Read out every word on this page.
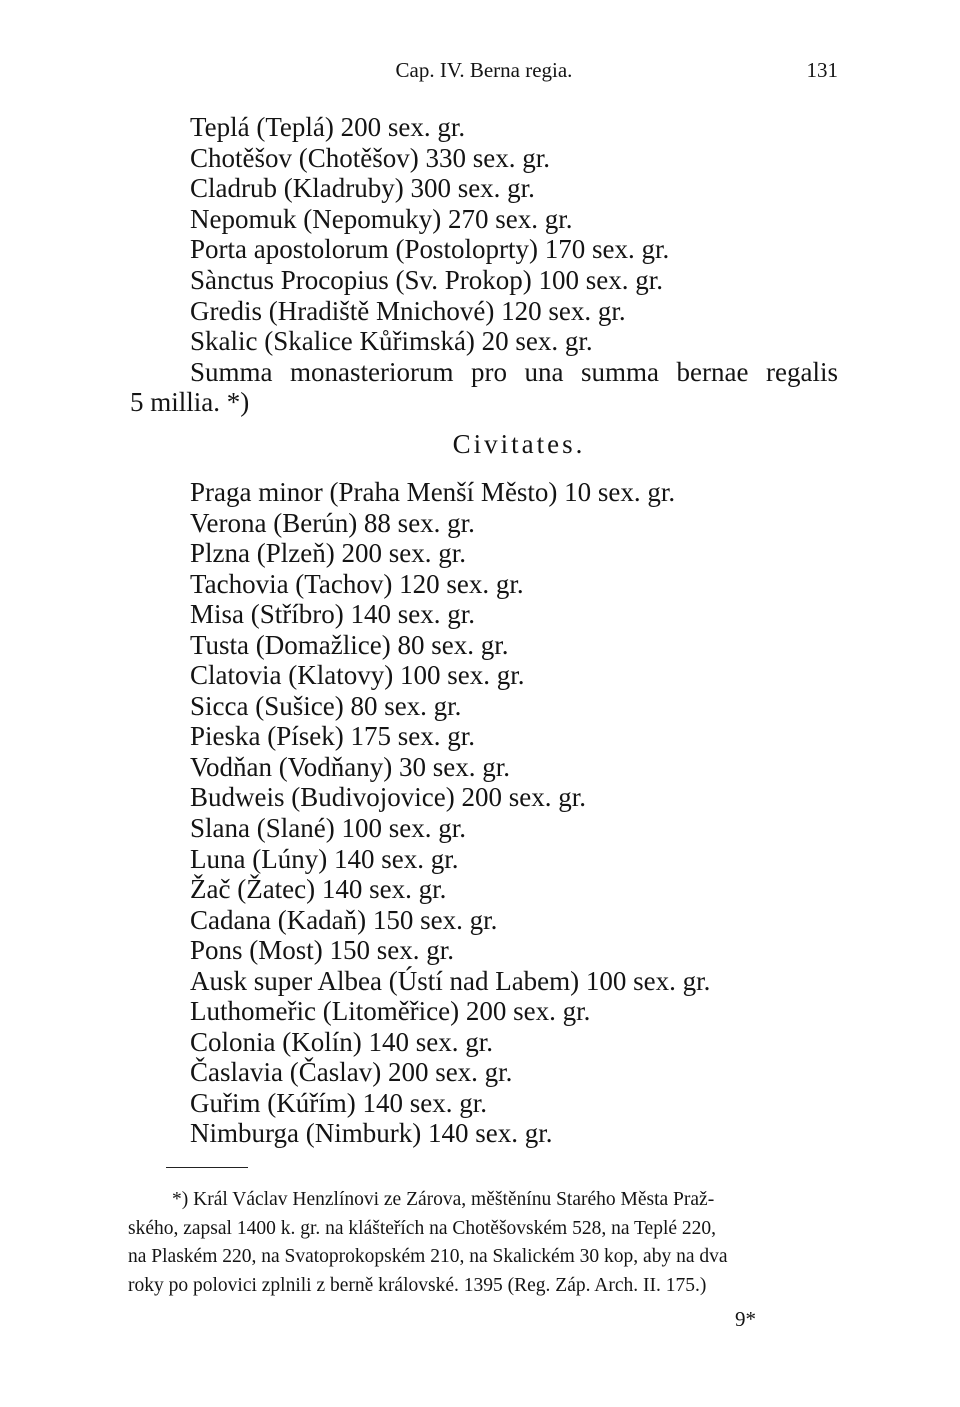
Cap. IV. Berna regia.	131
Teplá (Teplá) 200 sex. gr.
Chotěšov (Chotěšov) 330 sex. gr.
Cladrub (Kladruby) 300 sex. gr.
Nepomuk (Nepomuky) 270 sex. gr.
Porta apostolorum (Postoloprty) 170 sex. gr.
Sànctus Procopius (Sv. Prokop) 100 sex. gr.
Gredis (Hradiště Mnichové) 120 sex. gr.
Skalic (Skalice Kůřimská) 20 sex. gr.
Summa monasteriorum pro una summa bernae regalis
5 millia. *)
Civitates.
Praga minor (Praha Menší Město) 10 sex. gr.
Verona (Berún) 88 sex. gr.
Plzna (Plzeň) 200 sex. gr.
Tachovia (Tachov) 120 sex. gr.
Misa (Stříbro) 140 sex. gr.
Tusta (Domažlice) 80 sex. gr.
Clatovia (Klatovy) 100 sex. gr.
Sicca (Sušice) 80 sex. gr.
Pieska (Písek) 175 sex. gr.
Vodňan (Vodňany) 30 sex. gr.
Budweis (Budivojovice) 200 sex. gr.
Slana (Slané) 100 sex. gr.
Luna (Lúny) 140 sex. gr.
Žač (Žatec) 140 sex. gr.
Cadana (Kadaň) 150 sex. gr.
Pons (Most) 150 sex. gr.
Ausk super Albea (Ústí nad Labem) 100 sex. gr.
Luthomeřic (Litoměřice) 200 sex. gr.
Colonia (Kolín) 140 sex. gr.
Časlavia (Časlav) 200 sex. gr.
Guřim (Kúřím) 140 sex. gr.
Nimburga (Nimburk) 140 sex. gr.
*) Král Václav Henzlínovi ze Zárova, měštěnínu Starého Města Praž-
ského, zapsal 1400 k. gr. na klášteřích na Chotěšovském 528, na Teplé 220,
na Plaském 220, na Svatoprokopském 210, na Skalickém 30 kop, aby na dva
roky po polovici zplnili z berně královské. 1395 (Reg. Záp. Arch. II. 175.)
9*
